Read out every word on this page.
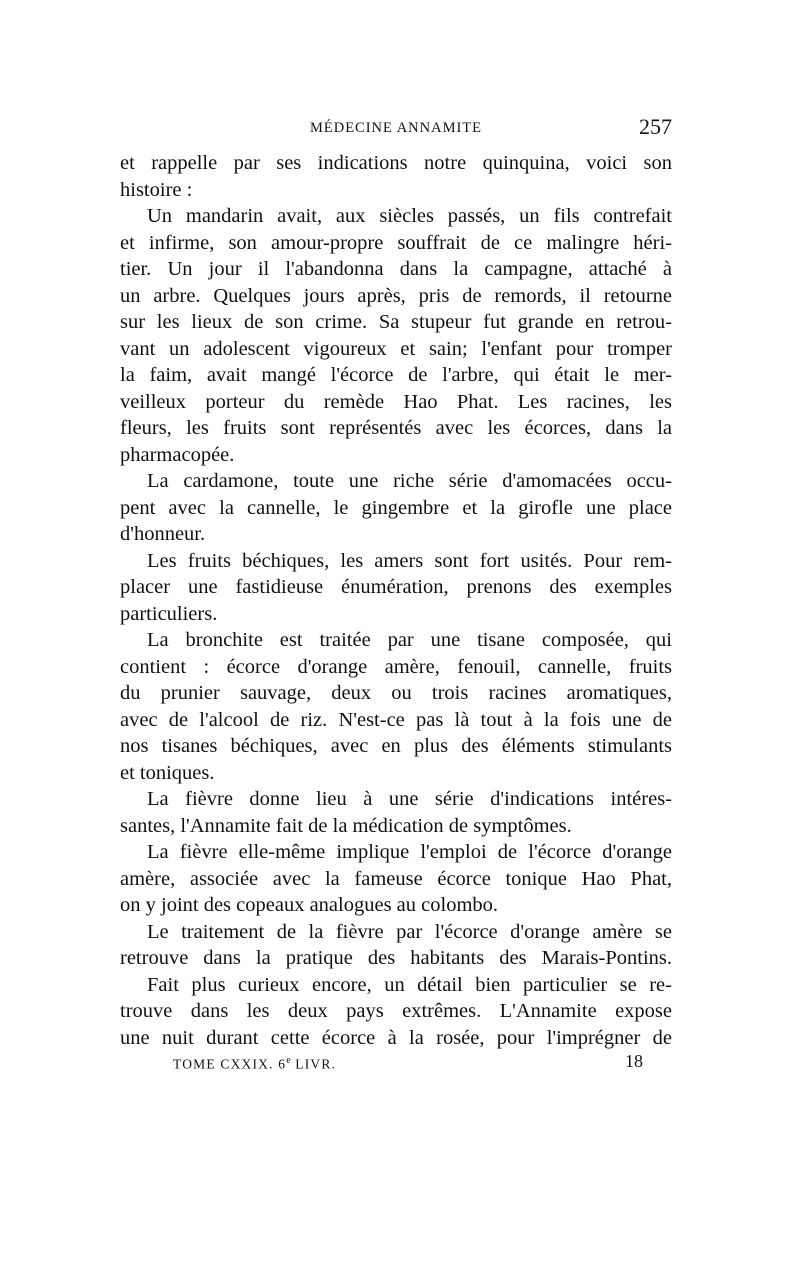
MÉDECINE ANNAMITE	257
et rappelle par ses indications notre quinquina, voici son
histoire :
Un mandarin avait, aux siècles passés, un fils contrefait
et infirme, son amour-propre souffrait de ce malingre héri-
tier. Un jour il l'abandonna dans la campagne, attaché à
un arbre. Quelques jours après, pris de remords, il retourne
sur les lieux de son crime. Sa stupeur fut grande en retrou-
vant un adolescent vigoureux et sain; l'enfant pour tromper
la faim, avait mangé l'écorce de l'arbre, qui était le mer-
veilleux porteur du remède Hao Phat. Les racines, les
fleurs, les fruits sont représentés avec les écorces, dans la
pharmacopée.
La cardamone, toute une riche série d'amomacées occu-
pent avec la cannelle, le gingembre et la girofle une place
d'honneur.
Les fruits béchiques, les amers sont fort usités. Pour rem-
placer une fastidieuse énumération, prenons des exemples
particuliers.
La bronchite est traitée par une tisane composée, qui
contient : écorce d'orange amère, fenouil, cannelle, fruits
du prunier sauvage, deux ou trois racines aromatiques,
avec de l'alcool de riz. N'est-ce pas là tout à la fois une de
nos tisanes béchiques, avec en plus des éléments stimulants
et toniques.
La fièvre donne lieu à une série d'indications intéres-
santes, l'Annamite fait de la médication de symptômes.
La fièvre elle-même implique l'emploi de l'écorce d'orange
amère, associée avec la fameuse écorce tonique Hao Phat,
on y joint des copeaux analogues au colombo.
Le traitement de la fièvre par l'écorce d'orange amère se
retrouve dans la pratique des habitants des Marais-Pontins.
Fait plus curieux encore, un détail bien particulier se re-
trouve dans les deux pays extrêmes. L'Annamite expose
une nuit durant cette écorce à la rosée, pour l'imprégner de
TOME CXXIX. 6e LIVR.	18
